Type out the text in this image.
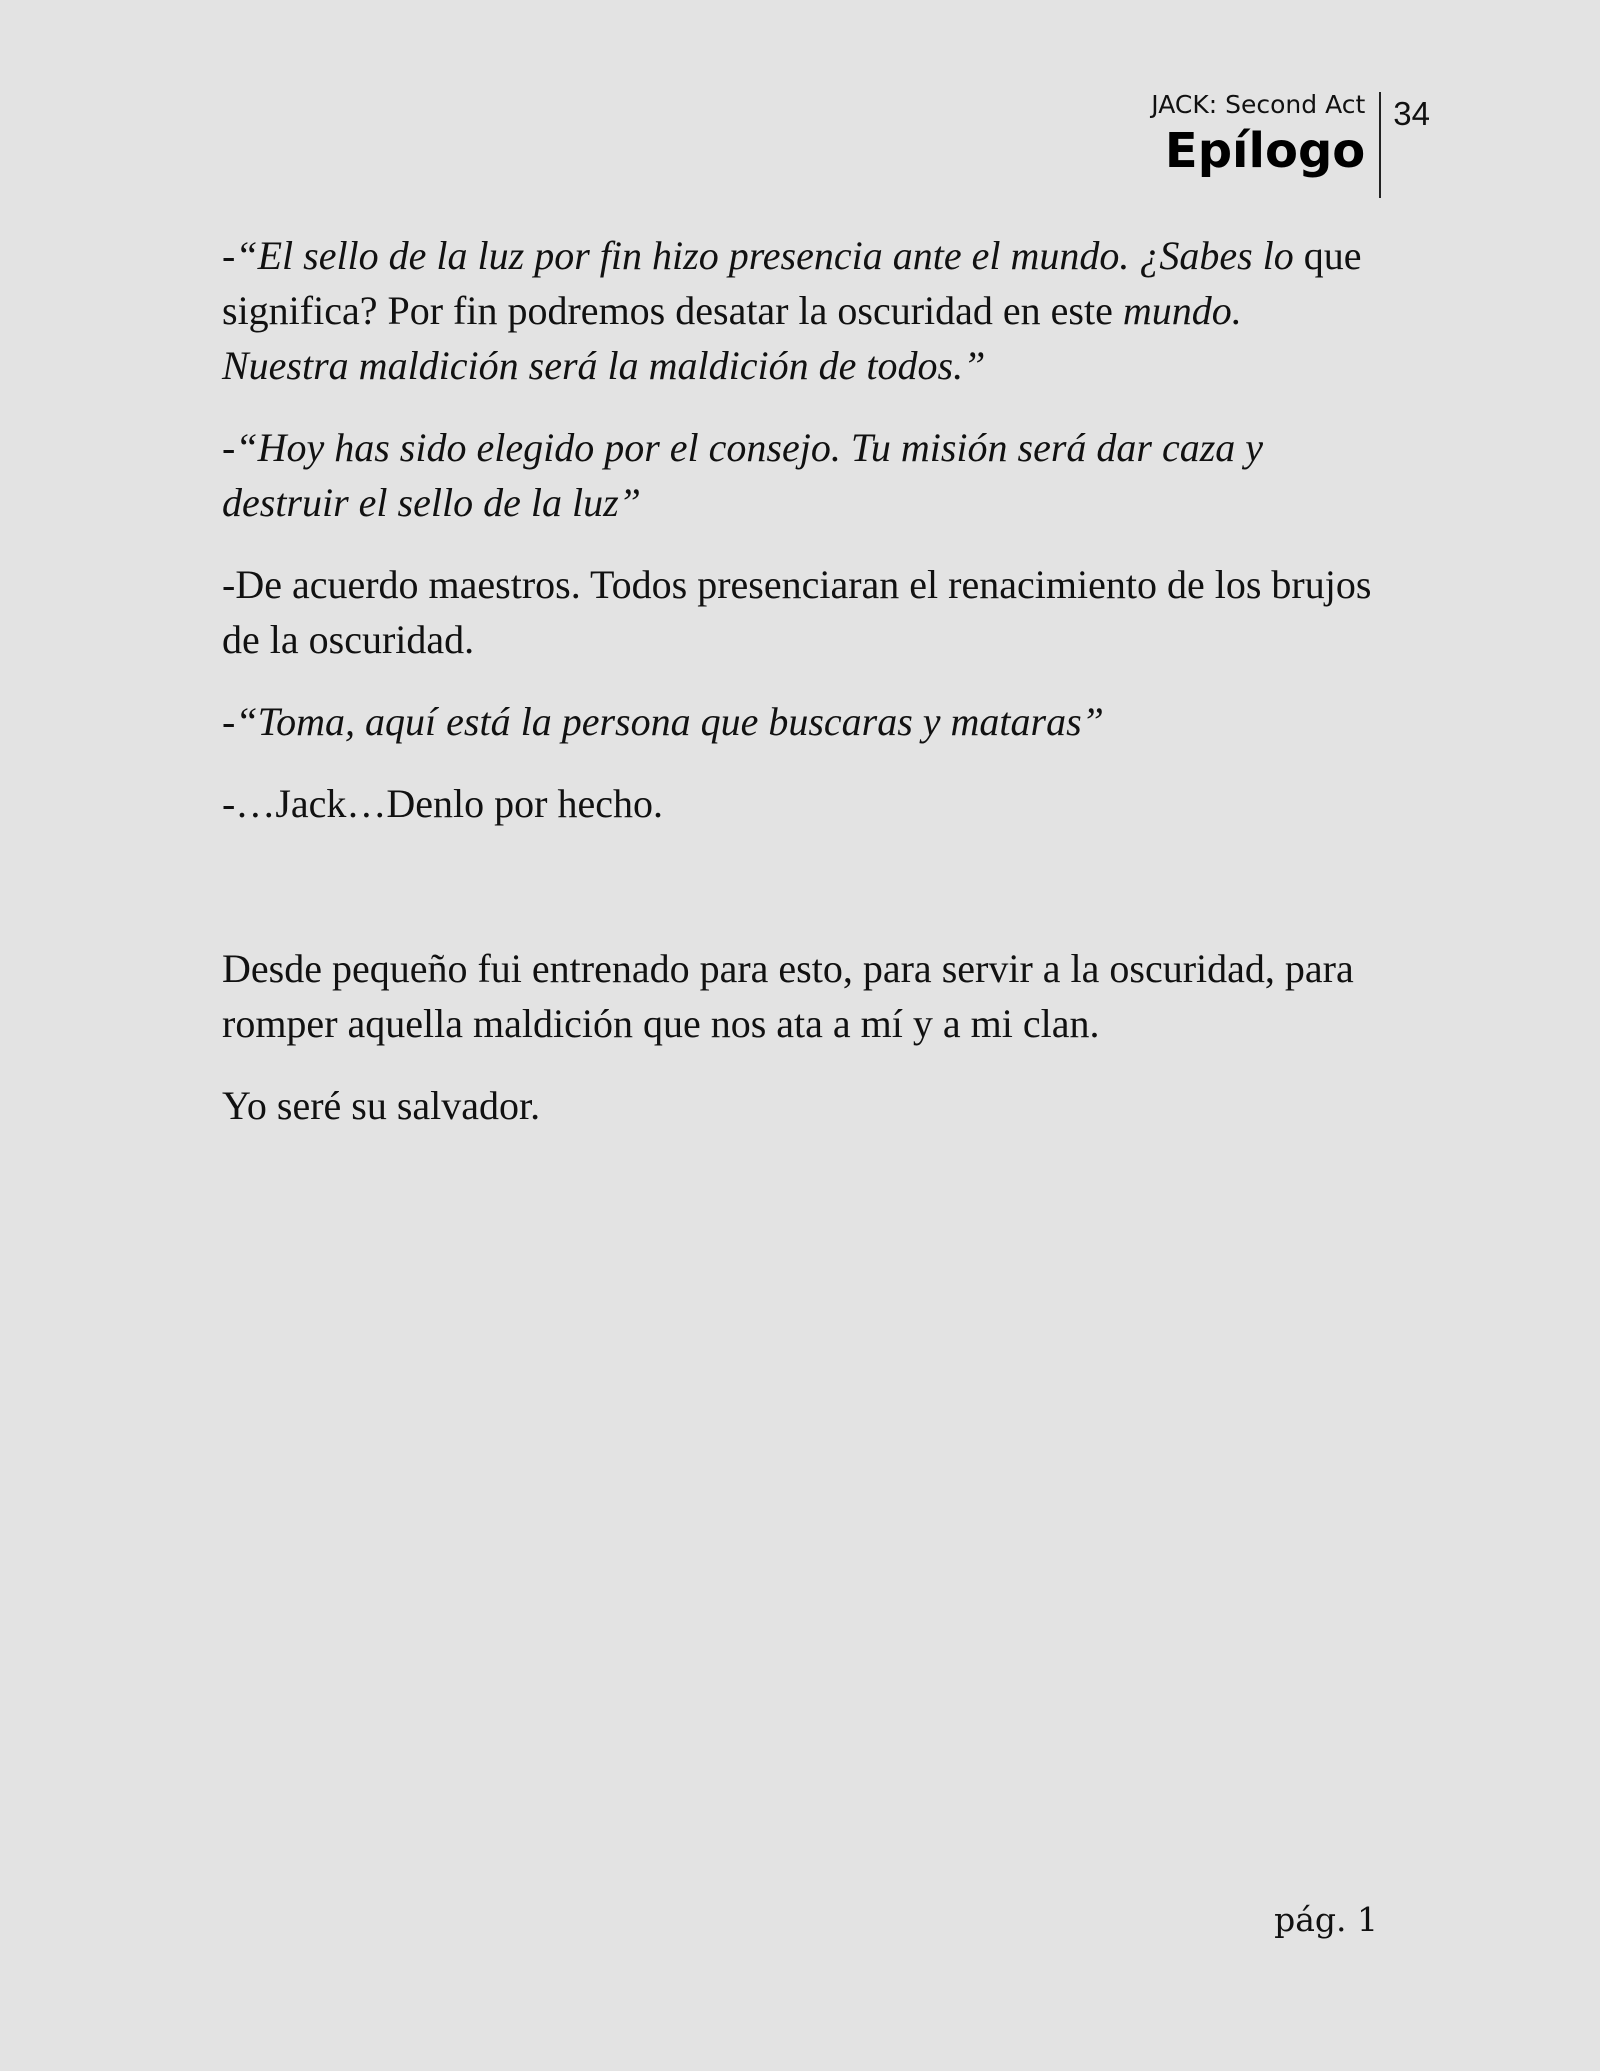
JACK: Second Act
Epílogo
34

-“El sello de la luz por fin hizo presencia ante el mundo. ¿Sabes lo que significa? Por fin podremos desatar la oscuridad en este mundo. Nuestra maldición será la maldición de todos.”

-“Hoy has sido elegido por el consejo. Tu misión será dar caza y destruir el sello de la luz”

-De acuerdo maestros. Todos presenciaran el renacimiento de los brujos de la oscuridad.

-“Toma, aquí está la persona que buscaras y mataras”

-…Jack…Denlo por hecho.

Desde pequeño fui entrenado para esto, para servir a la oscuridad, para romper aquella maldición que nos ata a mí y a mi clan.

Yo seré su salvador.

pág. 1
